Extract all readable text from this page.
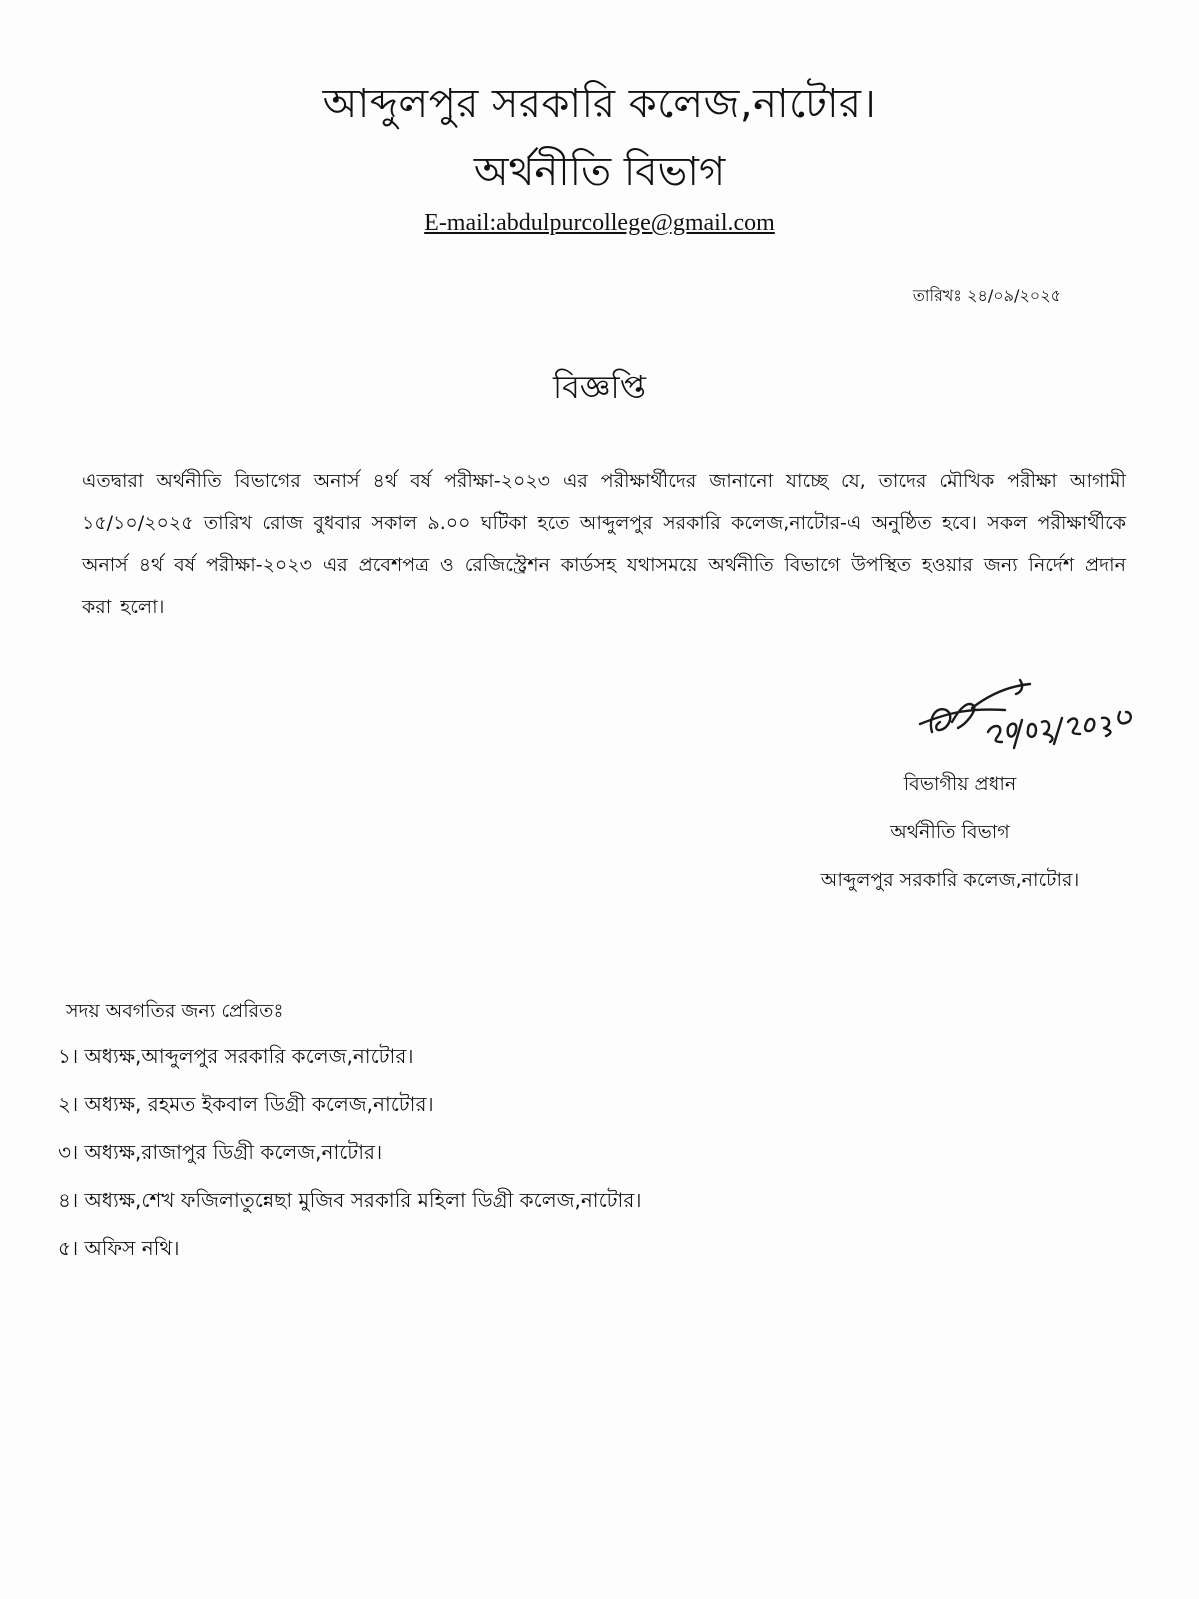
আব্দুলপুর সরকারি কলেজ,নাটোর।
অর্থনীতি বিভাগ
E-mail:abdulpurcollege@gmail.com
তারিখঃ ২৪/০৯/২০২৫
বিজ্ঞপ্তি
এতদ্বারা অর্থনীতি বিভাগের অনার্স ৪র্থ বর্ষ পরীক্ষা-২০২৩ এর পরীক্ষার্থীদের জানানো যাচ্ছে যে, তাদের মৌখিক পরীক্ষা আগামী ১৫/১০/২০২৫ তারিখ রোজ বুধবার সকাল ৯.০০ ঘটিকা হতে আব্দুলপুর সরকারি কলেজ,নাটোর-এ অনুষ্ঠিত হবে। সকল পরীক্ষার্থীকে অনার্স ৪র্থ বর্ষ পরীক্ষা-২০২৩ এর প্রবেশপত্র ও রেজিস্ট্রেশন কার্ডসহ যথাসময়ে অর্থনীতি বিভাগে উপস্থিত হওয়ার জন্য নির্দেশ প্রদান করা হলো।
বিভাগীয় প্রধান
অর্থনীতি বিভাগ
আব্দুলপুর সরকারি কলেজ,নাটোর।
সদয় অবগতির জন্য প্রেরিতঃ
১। অধ্যক্ষ,আব্দুলপুর সরকারি কলেজ,নাটোর।
২। অধ্যক্ষ, রহমত ইকবাল ডিগ্রী কলেজ,নাটোর।
৩। অধ্যক্ষ,রাজাপুর ডিগ্রী কলেজ,নাটোর।
৪। অধ্যক্ষ,শেখ ফজিলাতুন্নেছা মুজিব সরকারি মহিলা ডিগ্রী কলেজ,নাটোর।
৫। অফিস নথি।
